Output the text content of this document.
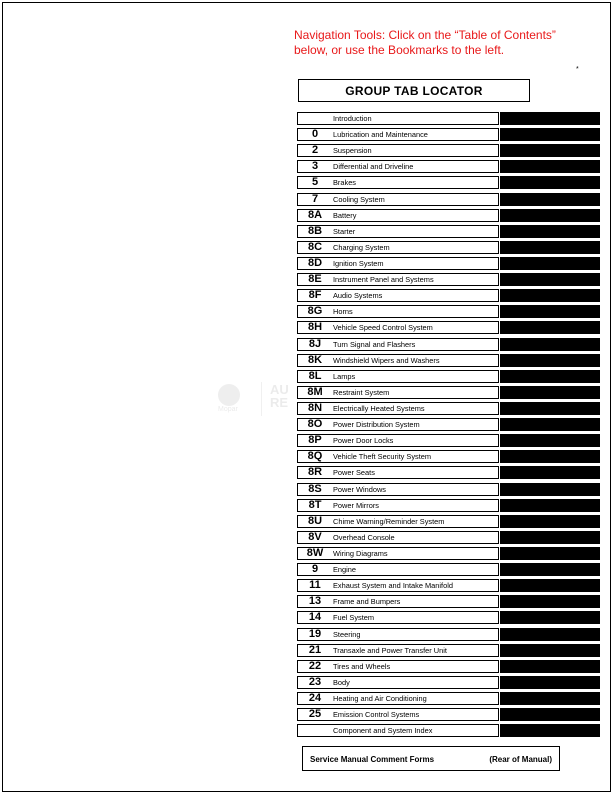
Navigation Tools: Click on the “Table of Contents”
below, or use the Bookmarks to the left.
*
GROUP TAB LOCATOR
Mopar
AU
RE
Introduction
0	Lubrication and Maintenance
2	Suspension
3	Differential and Driveline
5	Brakes
7	Cooling System
8A	Battery
8B	Starter
8C	Charging System
8D	Ignition System
8E	Instrument Panel and Systems
8F	Audio Systems
8G	Horns
8H	Vehicle Speed Control System
8J	Turn Signal and Flashers
8K	Windshield Wipers and Washers
8L	Lamps
8M	Restraint System
8N	Electrically Heated Systems
8O	Power Distribution System
8P	Power Door Locks
8Q	Vehicle Theft Security System
8R	Power Seats
8S	Power Windows
8T	Power Mirrors
8U	Chime Warning/Reminder System
8V	Overhead Console
8W	Wiring Diagrams
9	Engine
11	Exhaust System and Intake Manifold
13	Frame and Bumpers
14	Fuel System
19	Steering
21	Transaxle and Power Transfer Unit
22	Tires and Wheels
23	Body
24	Heating and Air Conditioning
25	Emission Control Systems
Component and System Index
Service Manual Comment Forms	(Rear of Manual)
